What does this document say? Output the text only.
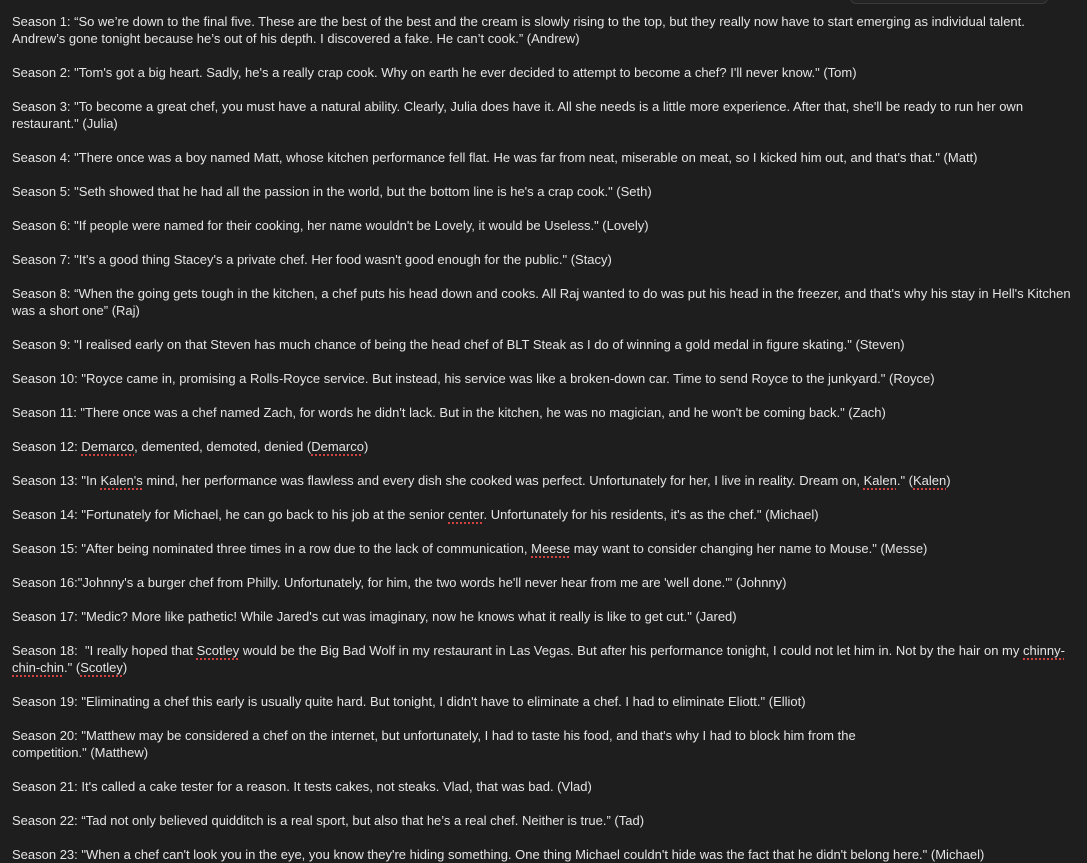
Season 1: “So we’re down to the final five. These are the best of the best and the cream is slowly rising to the top, but they really now have to start emerging as individual talent. Andrew’s gone tonight because he’s out of his depth. I discovered a fake. He can’t cook.” (Andrew)

Season 2: "Tom's got a big heart. Sadly, he's a really crap cook. Why on earth he ever decided to attempt to become a chef? I'll never know." (Tom)

Season 3: "To become a great chef, you must have a natural ability. Clearly, Julia does have it. All she needs is a little more experience. After that, she'll be ready to run her own restaurant." (Julia)

Season 4: "There once was a boy named Matt, whose kitchen performance fell flat. He was far from neat, miserable on meat, so I kicked him out, and that's that." (Matt)

Season 5: "Seth showed that he had all the passion in the world, but the bottom line is he's a crap cook." (Seth)

Season 6: "If people were named for their cooking, her name wouldn't be Lovely, it would be Useless." (Lovely)

Season 7: "It's a good thing Stacey's a private chef. Her food wasn't good enough for the public." (Stacy)

Season 8: “When the going gets tough in the kitchen, a chef puts his head down and cooks. All Raj wanted to do was put his head in the freezer, and that's why his stay in Hell's Kitchen was a short one” (Raj)

Season 9: "I realised early on that Steven has much chance of being the head chef of BLT Steak as I do of winning a gold medal in figure skating." (Steven)

Season 10: "Royce came in, promising a Rolls-Royce service. But instead, his service was like a broken-down car. Time to send Royce to the junkyard." (Royce)

Season 11: "There once was a chef named Zach, for words he didn't lack. But in the kitchen, he was no magician, and he won't be coming back." (Zach)

Season 12: Demarco, demented, demoted, denied (Demarco)

Season 13: "In Kalen's mind, her performance was flawless and every dish she cooked was perfect. Unfortunately for her, I live in reality. Dream on, Kalen." (Kalen)

Season 14: "Fortunately for Michael, he can go back to his job at the senior center. Unfortunately for his residents, it's as the chef." (Michael)

Season 15: "After being nominated three times in a row due to the lack of communication, Meese may want to consider changing her name to Mouse." (Messe)

Season 16:"Johnny's a burger chef from Philly. Unfortunately, for him, the two words he'll never hear from me are 'well done.'" (Johnny)

Season 17: "Medic? More like pathetic! While Jared's cut was imaginary, now he knows what it really is like to get cut." (Jared)

Season 18:  "I really hoped that Scotley would be the Big Bad Wolf in my restaurant in Las Vegas. But after his performance tonight, I could not let him in. Not by the hair on my chinny-chin-chin." (Scotley)

Season 19: "Eliminating a chef this early is usually quite hard. But tonight, I didn't have to eliminate a chef. I had to eliminate Eliott." (Elliot)

Season 20: "Matthew may be considered a chef on the internet, but unfortunately, I had to taste his food, and that's why I had to block him from the
competition." (Matthew)

Season 21: It's called a cake tester for a reason. It tests cakes, not steaks. Vlad, that was bad. (Vlad)

Season 22: “Tad not only believed quidditch is a real sport, but also that he’s a real chef. Neither is true.” (Tad)

Season 23: "When a chef can't look you in the eye, you know they're hiding something. One thing Michael couldn't hide was the fact that he didn't belong here." (Michael)
